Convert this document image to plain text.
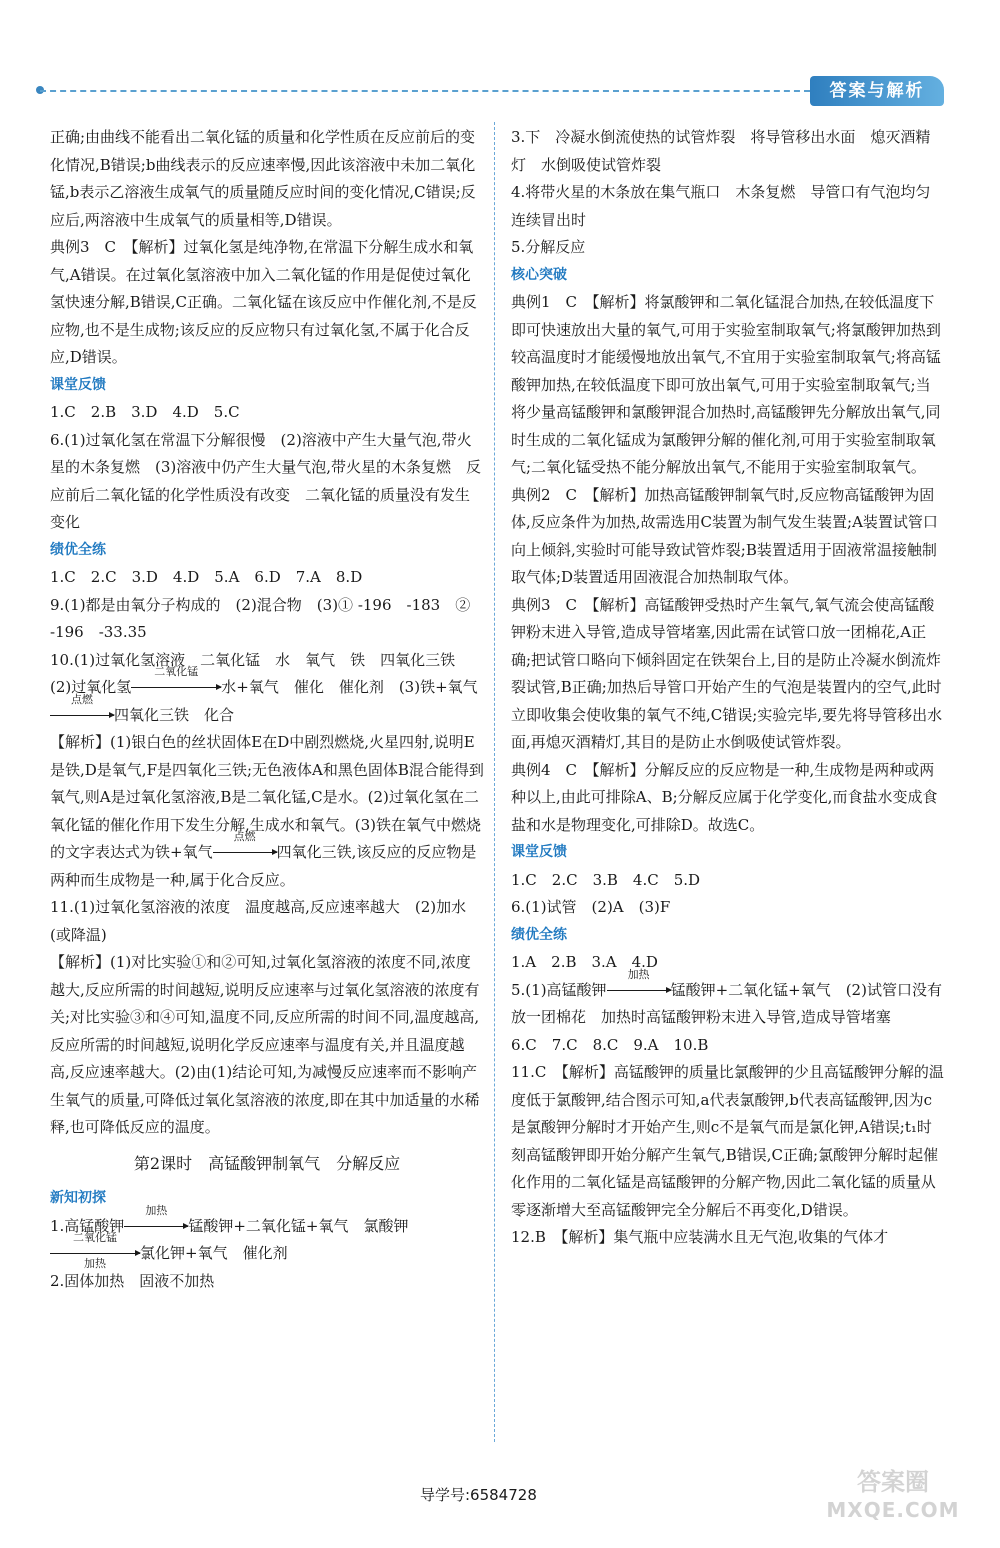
答案与解析

正确;由曲线不能看出二氧化锰的质量和化学性质在反应前后的变化情况,B错误;b曲线表示的反应速率慢,因此该溶液中未加二氧化锰,b表示乙溶液生成氧气的质量随反应时间的变化情况,C错误;反应后,两溶液中生成氧气的质量相等,D错误。

典例3　C　【解析】过氧化氢是纯净物,在常温下分解生成水和氧气,A错误。在过氧化氢溶液中加入二氧化锰的作用是促使过氧化氢快速分解,B错误,C正确。二氧化锰在该反应中作催化剂,不是反应物,也不是生成物;该反应的反应物只有过氧化氢,不属于化合反应,D错误。

课堂反馈

1.C　2.B　3.D　4.D　5.C

6.(1)过氧化氢在常温下分解很慢　(2)溶液中产生大量气泡,带火星的木条复燃　(3)溶液中仍产生大量气泡,带火星的木条复燃　反应前后二氧化锰的化学性质没有改变　二氧化锰的质量没有发生变化

绩优全练

1.C　2.C　3.D　4.D　5.A　6.D　7.A　8.D

9.(1)都是由氧分子构成的　(2)混合物　(3)① -196　-183　② -196　-33.35

10.(1)过氧化氢溶液　二氧化锰　水　氧气　铁　四氧化三铁　(2)过氧化氢
二氧化锰
水+氧气　催化　催化剂　(3)铁+氧气
点燃
四氧化三铁　化合

【解析】(1)银白色的丝状固体E在D中剧烈燃烧,火星四射,说明E是铁,D是氧气,F是四氧化三铁;无色液体A和黑色固体B混合能得到氧气,则A是过氧化氢溶液,B是二氧化锰,C是水。(2)过氧化氢在二氧化锰的催化作用下发生分解,生成水和氧气。(3)铁在氧气中燃烧的文字表达式为铁+氧气
点燃
四氧化三铁,该反应的反应物是两种而生成物是一种,属于化合反应。

11.(1)过氧化氢溶液的浓度　温度越高,反应速率越大　(2)加水(或降温)

【解析】(1)对比实验①和②可知,过氧化氢溶液的浓度不同,浓度越大,反应所需的时间越短,说明反应速率与过氧化氢溶液的浓度有关;对比实验③和④可知,温度不同,反应所需的时间不同,温度越高,反应所需的时间越短,说明化学反应速率与温度有关,并且温度越高,反应速率越大。(2)由(1)结论可知,为减慢反应速率而不影响产生氧气的质量,可降低过氧化氢溶液的浓度,即在其中加适量的水稀释,也可降低反应的温度。

第2课时　高锰酸钾制氧气　分解反应

新知初探

1.高锰酸钾
加热
锰酸钾+二氧化锰+氧气　氯酸钾

二氧化锰
加热
氯化钾+氧气　催化剂

2.固体加热　固液不加热

3.下　冷凝水倒流使热的试管炸裂　将导管移出水面　熄灭酒精灯　水倒吸使试管炸裂

4.将带火星的木条放在集气瓶口　木条复燃　导管口有气泡均匀连续冒出时

5.分解反应

核心突破

典例1　C　【解析】将氯酸钾和二氧化锰混合加热,在较低温度下即可快速放出大量的氧气,可用于实验室制取氧气;将氯酸钾加热到较高温度时才能缓慢地放出氧气,不宜用于实验室制取氧气;将高锰酸钾加热,在较低温度下即可放出氧气,可用于实验室制取氧气;当将少量高锰酸钾和氯酸钾混合加热时,高锰酸钾先分解放出氧气,同时生成的二氧化锰成为氯酸钾分解的催化剂,可用于实验室制取氧气;二氧化锰受热不能分解放出氧气,不能用于实验室制取氧气。

典例2　C　【解析】加热高锰酸钾制氧气时,反应物高锰酸钾为固体,反应条件为加热,故需选用C装置为制气发生装置;A装置试管口向上倾斜,实验时可能导致试管炸裂;B装置适用于固液常温接触制取气体;D装置适用固液混合加热制取气体。

典例3　C　【解析】高锰酸钾受热时产生氧气,氧气流会使高锰酸钾粉末进入导管,造成导管堵塞,因此需在试管口放一团棉花,A正确;把试管口略向下倾斜固定在铁架台上,目的是防止冷凝水倒流炸裂试管,B正确;加热后导管口开始产生的气泡是装置内的空气,此时立即收集会使收集的氧气不纯,C错误;实验完毕,要先将导管移出水面,再熄灭酒精灯,其目的是防止水倒吸使试管炸裂。

典例4　C　【解析】分解反应的反应物是一种,生成物是两种或两种以上,由此可排除A、B;分解反应属于化学变化,而食盐水变成食盐和水是物理变化,可排除D。故选C。

课堂反馈

1.C　2.C　3.B　4.C　5.D

6.(1)试管　(2)A　(3)F

绩优全练

1.A　2.B　3.A　4.D

5.(1)高锰酸钾
加热
锰酸钾+二氧化锰+氧气　(2)试管口没有放一团棉花　加热时高锰酸钾粉末进入导管,造成导管堵塞

6.C　7.C　8.C　9.A　10.B

11.C　【解析】高锰酸钾的质量比氯酸钾的少且高锰酸钾分解的温度低于氯酸钾,结合图示可知,a代表氯酸钾,b代表高锰酸钾,因为c是氯酸钾分解时才开始产生,则c不是氧气而是氯化钾,A错误;t₁时刻高锰酸钾即开始分解产生氧气,B错误,C正确;氯酸钾分解时起催化作用的二氧化锰是高锰酸钾的分解产物,因此二氧化锰的质量从零逐渐增大至高锰酸钾完全分解后不再变化,D错误。

12.B　【解析】集气瓶中应装满水且无气泡,收集的气体才

导学号:6584728	答案圈
MXQE.COM
